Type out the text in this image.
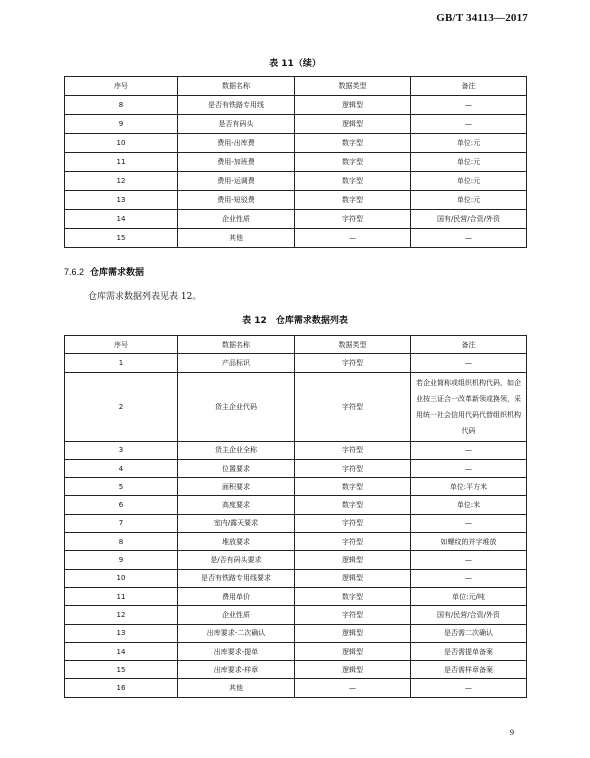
GB/T 34113—2017
表 11（续）
序号	数据名称	数据类型	备注
8	是否有铁路专用线	逻辑型	—
9	是否有码头	逻辑型	—
10	费用-出库费	数字型	单位:元
11	费用-加班费	数字型	单位:元
12	费用-运调费	数字型	单位:元
13	费用-短驳费	数字型	单位:元
14	企业性质	字符型	国有/民营/合资/外资
15	其他	—	—
7.6.2 仓库需求数据
仓库需求数据列表见表 12。
表 12　仓库需求数据列表
序号	数据名称	数据类型	备注
1	产品标识	字符型	—
2	货主企业代码	字符型	若企业简称或组织机构代码，如企业按三证合一改革新领或换领，采用统一社会信用代码代替组织机构代码
3	货主企业全称	字符型	—
4	位置要求	字符型	—
5	面积要求	数字型	单位:平方米
6	高度要求	数字型	单位:米
7	室内/露天要求	字符型	—
8	堆放要求	字符型	如螺纹的并字堆放
9	是/否有码头要求	逻辑型	—
10	是否有铁路专用线要求	逻辑型	—
11	费用单价	数字型	单位:元/吨
12	企业性质	字符型	国有/民营/合资/外资
13	出库要求-二次确认	逻辑型	是否需二次确认
14	出库要求-提单	逻辑型	是否需提单备案
15	出库要求-样章	逻辑型	是否需样章备案
16	其他	—	—
9
